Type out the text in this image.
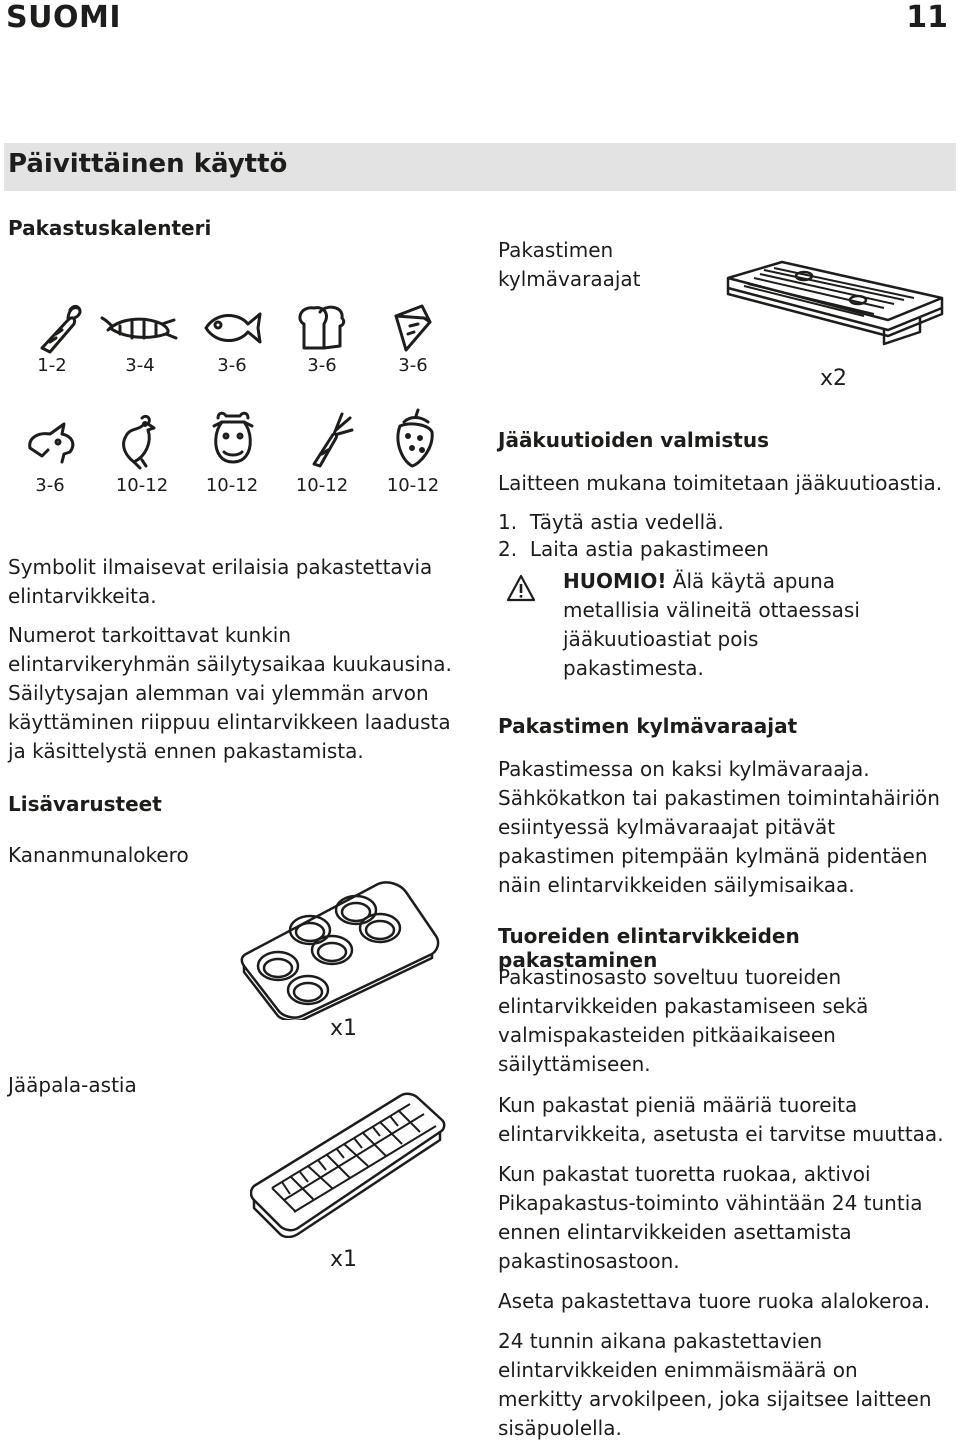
SUOMI	11
Päivittäinen käyttö
Pakastuskalenteri
1-2	3-4	3-6	3-6	3-6
3-6	10-12	10-12	10-12	10-12
Symbolit ilmaisevat erilaisia pakastettavia
elintarvikkeita.
Numerot tarkoittavat kunkin
elintarvikeryhmän säilytysaikaa kuukausina.
Säilytysajan alemman vai ylemmän arvon
käyttäminen riippuu elintarvikkeen laadusta
ja käsittelystä ennen pakastamista.
Lisävarusteet
Kananmunalokero
x1
Jääpala-astia
x1
Pakastimen
kylmävaraajat
x2
Jääkuutioiden valmistus
Laitteen mukana toimitetaan jääkuutioastia.
1. Täytä astia vedellä.
2. Laita astia pakastimeen
HUOMIO! Älä käytä apuna
metallisia välineitä ottaessasi
jääkuutioastiat pois
pakastimesta.
Pakastimen kylmävaraajat
Pakastimessa on kaksi kylmävaraaja.
Sähkökatkon tai pakastimen toimintahäiriön
esiintyessä kylmävaraajat pitävät
pakastimen pitempään kylmänä pidentäen
näin elintarvikkeiden säilymisaikaa.
Tuoreiden elintarvikkeiden pakastaminen
Pakastinosasto soveltuu tuoreiden
elintarvikkeiden pakastamiseen sekä
valmispakasteiden pitkäaikaiseen
säilyttämiseen.
Kun pakastat pieniä määriä tuoreita
elintarvikkeita, asetusta ei tarvitse muuttaa.
Kun pakastat tuoretta ruokaa, aktivoi
Pikapakastus-toiminto vähintään 24 tuntia
ennen elintarvikkeiden asettamista
pakastinosastoon.
Aseta pakastettava tuore ruoka alalokeroa.
24 tunnin aikana pakastettavien
elintarvikkeiden enimmäismäärä on
merkitty arvokilpeen, joka sijaitsee laitteen
sisäpuolella.
